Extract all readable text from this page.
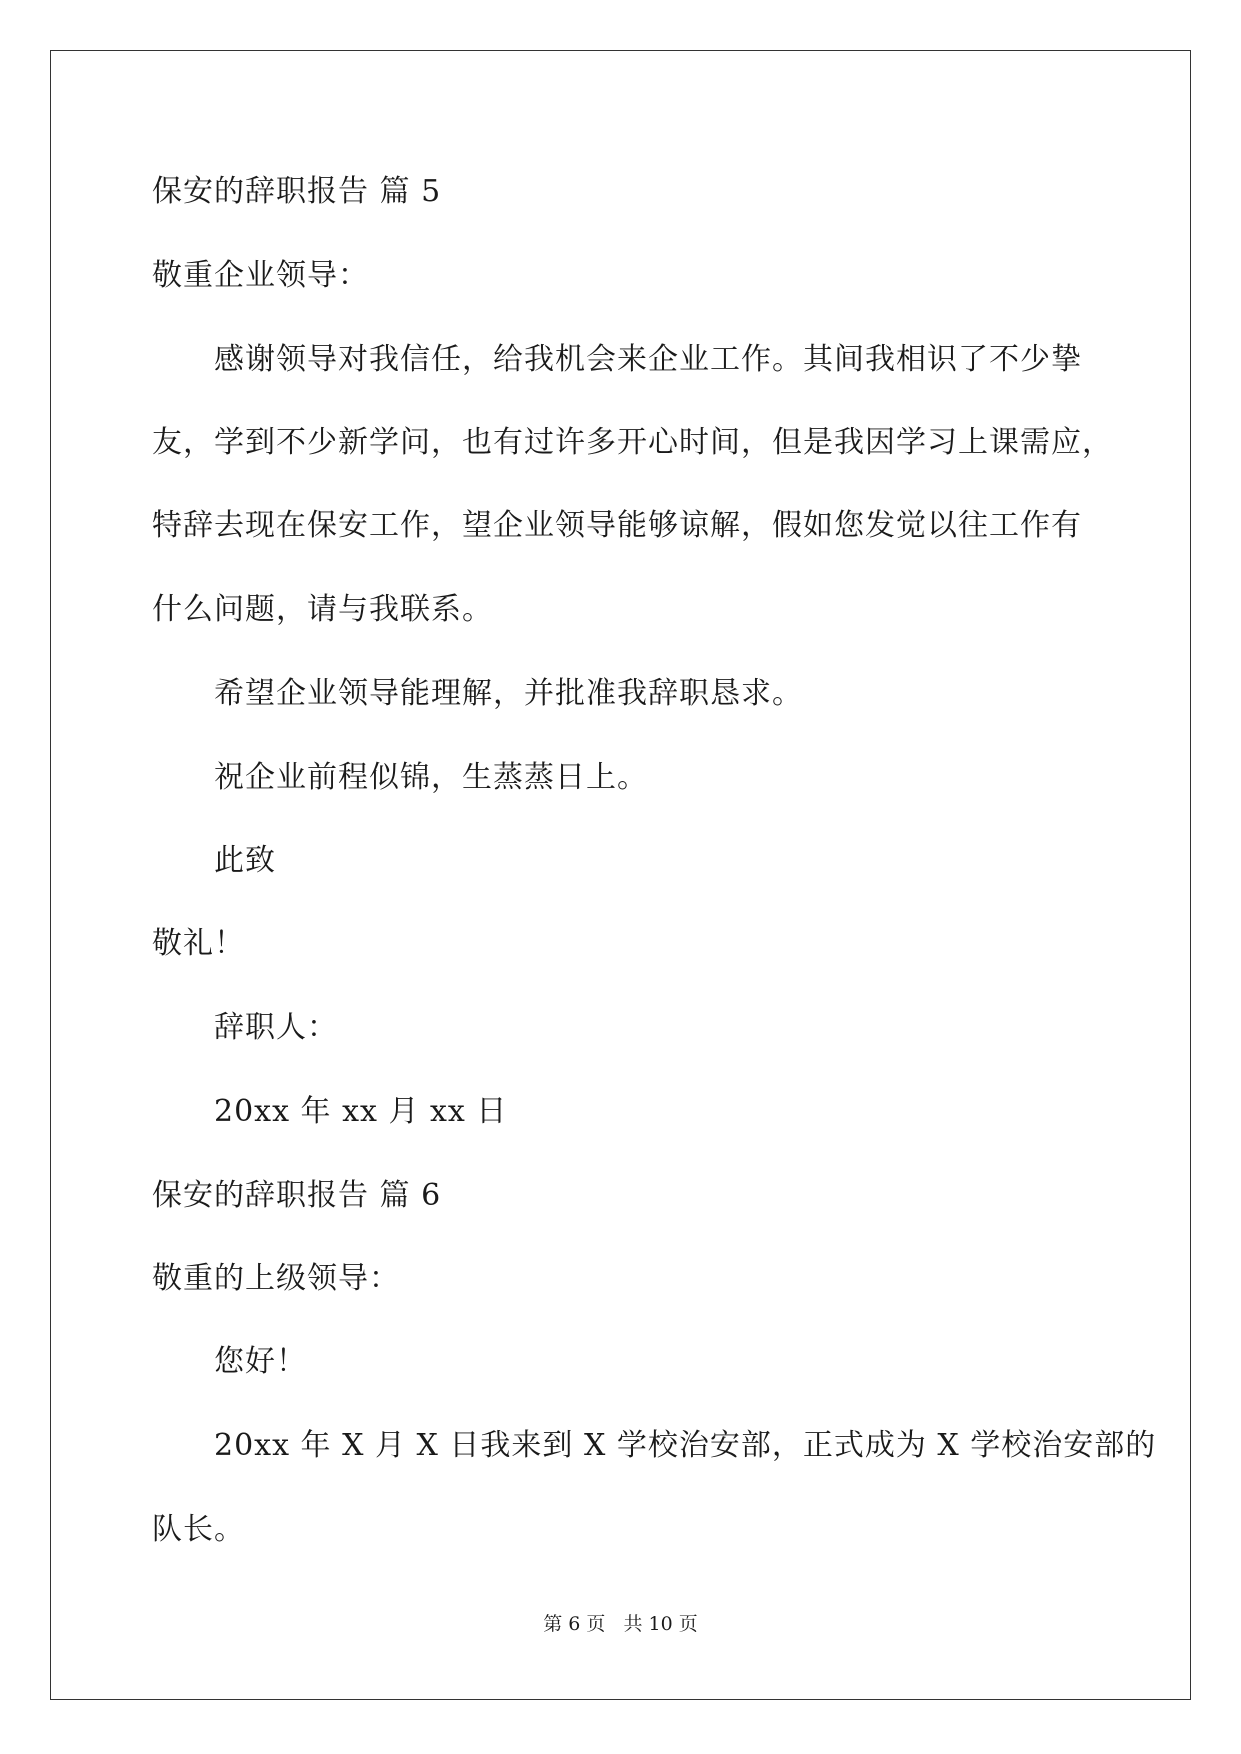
保安的辞职报告 篇 5
敬重企业领导：
感谢领导对我信任，给我机会来企业工作。其间我相识了不少挚
友，学到不少新学问，也有过许多开心时间，但是我因学习上课需应，
特辞去现在保安工作，望企业领导能够谅解，假如您发觉以往工作有
什么问题，请与我联系。
希望企业领导能理解，并批准我辞职恳求。
祝企业前程似锦，生蒸蒸日上。
此致
敬礼！
辞职人：
20xx 年 xx 月 xx 日
保安的辞职报告 篇 6
敬重的上级领导：
您好！
20xx 年 X 月 X 日我来到 X 学校治安部，正式成为 X 学校治安部的
队长。
第 6 页 共 10 页
